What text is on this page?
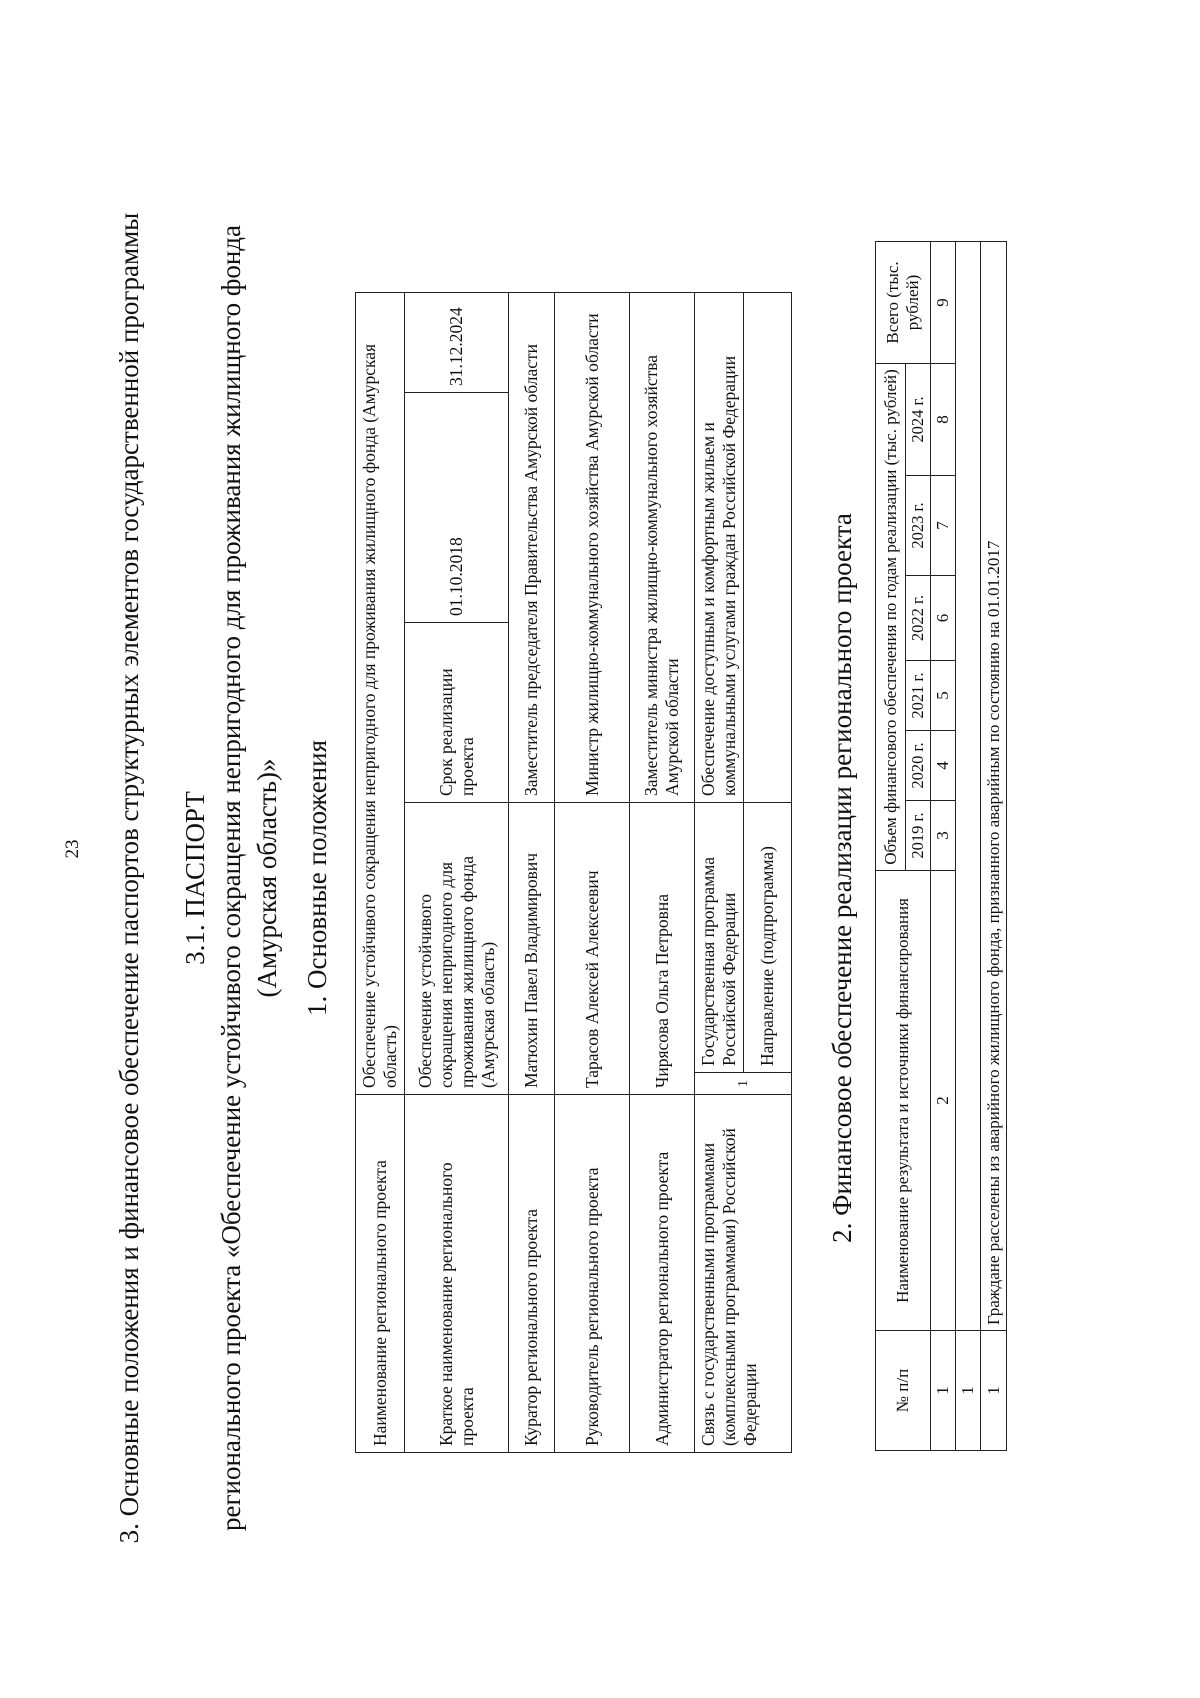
23 3. Основные положения и финансовое обеспечение паспортов структурных элементов государственной программы 3.1. ПАСПОРТ регионального проекта «Обеспечение устойчивого сокращения непригодного для проживания жилищного фонда (Амурская область)» 1. Основные положения
Наименование регионального проекта	Обеспечение устойчивого сокращения непригодного для проживания жилищного фонда (Амурская область)				
Краткое наименование регионального проекта	Обеспечение устойчивого сокращения непригодного для проживания жилищного фонда (Амурская область)		Срок реализации проекта	01.10.2018	31.12.2024
Куратор регионального проекта	Матюхин Павел Владимирович		Заместитель председателя Правительства Амурской области		
Руководитель регионального проекта	Тарасов Алексей Алексеевич		Министр жилищно-коммунального хозяйства Амурской области		
Администратор регионального проекта	Чирясова Ольга Петровна		Заместитель министра жилищно-коммунального хозяйства Амурской области		
Связь с государственными программами (комплексными программами) Российской Федерации	1	Государственная программа Российской Федерации	Обеспечение доступным и комфортным жильем и коммунальными услугами граждан Российской Федерации		
		Направление (подпрограмма)			2. Финансовое обеспечение реализации регионального проекта
№ п/п	Наименование результата и источники финансирования	Объем финансового обеспечения по годам реализации (тыс. рублей)						Всего (тыс. рублей)
		2019 г.	2020 г.	2021 г.	2022 г.	2023 г.	2024 г.	
1	2	3	4	5	6	7	8	9
1								
1	Граждане расселены из аварийного жилищного фонда, признанного аварийным по состоянию на 01.01.2017							
